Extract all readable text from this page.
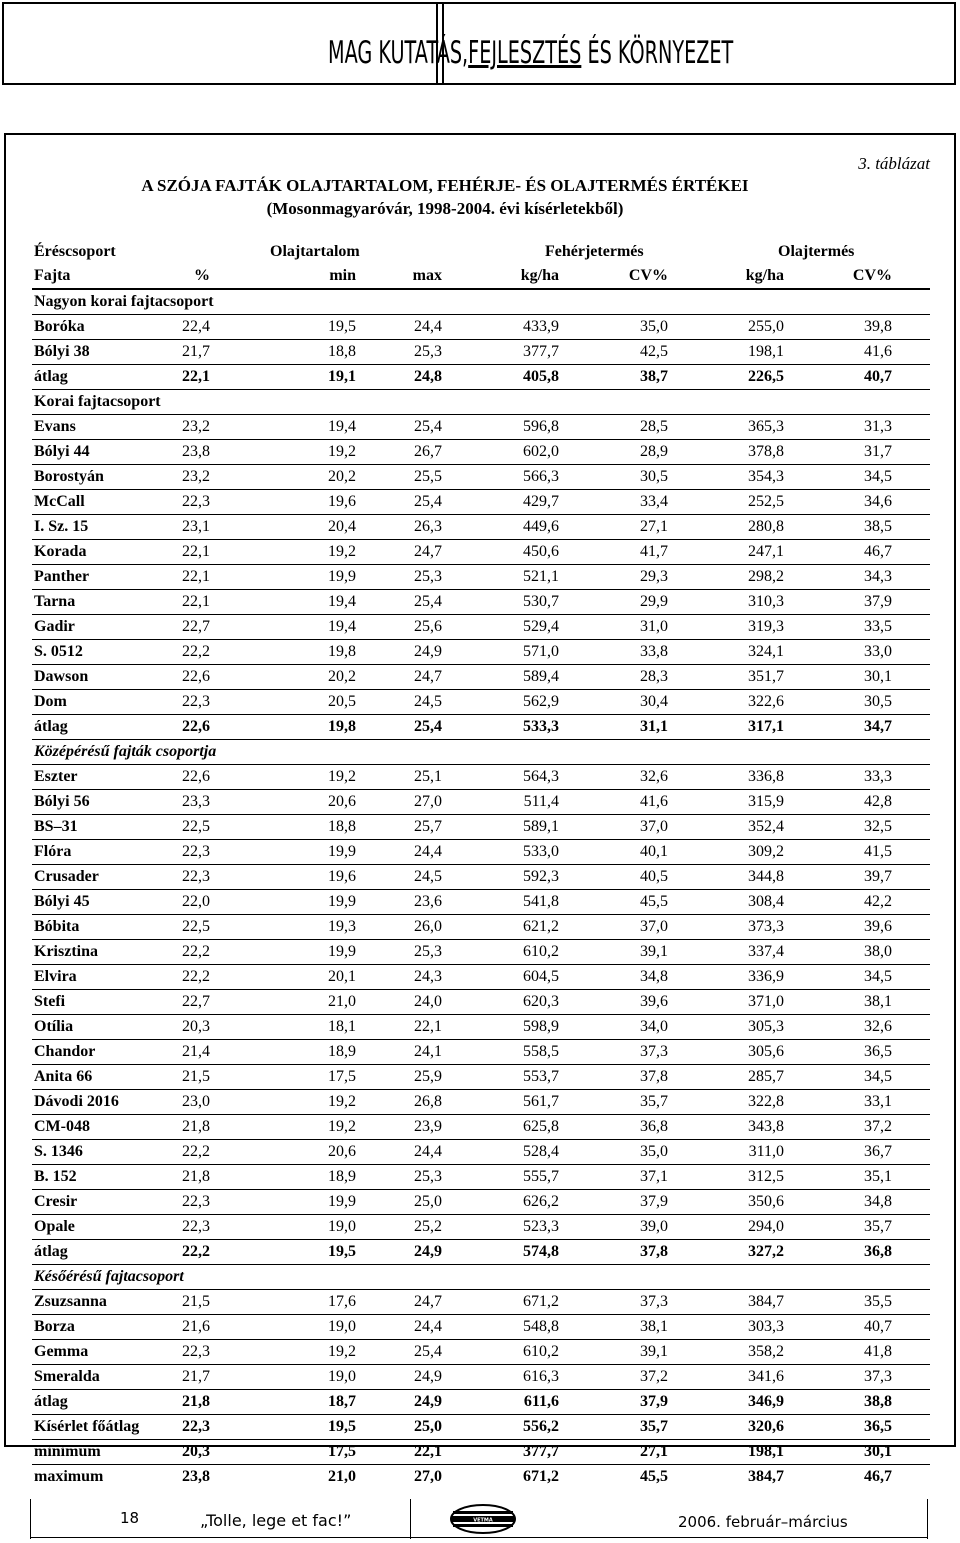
MAG KUTATÁS,FEJLESZTÉS ÉS KÖRNYEZET
3. táblázat
A SZÓJA FAJTÁK OLAJTARTALOM, FEHÉRJE- ÉS OLAJTERMÉS ÉRTÉKEI
(Mosonmagyaróvár, 1998-2004. évi kísérletekből)
Éréscsoport	Olajtartalom	Fehérjetermés	Olajtermés
Fajta	%	min	max	kg/ha	CV%	kg/ha	CV%
Nagyon korai fajtacsoport
Boróka	22,4	19,5	24,4	433,9	35,0	255,0	39,8
Bólyi 38	21,7	18,8	25,3	377,7	42,5	198,1	41,6
átlag	22,1	19,1	24,8	405,8	38,7	226,5	40,7
Korai fajtacsoport
Evans	23,2	19,4	25,4	596,8	28,5	365,3	31,3
Bólyi 44	23,8	19,2	26,7	602,0	28,9	378,8	31,7
Borostyán	23,2	20,2	25,5	566,3	30,5	354,3	34,5
McCall	22,3	19,6	25,4	429,7	33,4	252,5	34,6
I. Sz. 15	23,1	20,4	26,3	449,6	27,1	280,8	38,5
Korada	22,1	19,2	24,7	450,6	41,7	247,1	46,7
Panther	22,1	19,9	25,3	521,1	29,3	298,2	34,3
Tarna	22,1	19,4	25,4	530,7	29,9	310,3	37,9
Gadir	22,7	19,4	25,6	529,4	31,0	319,3	33,5
S. 0512	22,2	19,8	24,9	571,0	33,8	324,1	33,0
Dawson	22,6	20,2	24,7	589,4	28,3	351,7	30,1
Dom	22,3	20,5	24,5	562,9	30,4	322,6	30,5
átlag	22,6	19,8	25,4	533,3	31,1	317,1	34,7
Középérésű fajták csoportja
Eszter	22,6	19,2	25,1	564,3	32,6	336,8	33,3
Bólyi 56	23,3	20,6	27,0	511,4	41,6	315,9	42,8
BS–31	22,5	18,8	25,7	589,1	37,0	352,4	32,5
Flóra	22,3	19,9	24,4	533,0	40,1	309,2	41,5
Crusader	22,3	19,6	24,5	592,3	40,5	344,8	39,7
Bólyi 45	22,0	19,9	23,6	541,8	45,5	308,4	42,2
Bóbita	22,5	19,3	26,0	621,2	37,0	373,3	39,6
Krisztina	22,2	19,9	25,3	610,2	39,1	337,4	38,0
Elvira	22,2	20,1	24,3	604,5	34,8	336,9	34,5
Stefi	22,7	21,0	24,0	620,3	39,6	371,0	38,1
Otília	20,3	18,1	22,1	598,9	34,0	305,3	32,6
Chandor	21,4	18,9	24,1	558,5	37,3	305,6	36,5
Anita 66	21,5	17,5	25,9	553,7	37,8	285,7	34,5
Dávodi 2016	23,0	19,2	26,8	561,7	35,7	322,8	33,1
CM-048	21,8	19,2	23,9	625,8	36,8	343,8	37,2
S. 1346	22,2	20,6	24,4	528,4	35,0	311,0	36,7
B. 152	21,8	18,9	25,3	555,7	37,1	312,5	35,1
Cresir	22,3	19,9	25,0	626,2	37,9	350,6	34,8
Opale	22,3	19,0	25,2	523,3	39,0	294,0	35,7
átlag	22,2	19,5	24,9	574,8	37,8	327,2	36,8
Későérésű fajtacsoport
Zsuzsanna	21,5	17,6	24,7	671,2	37,3	384,7	35,5
Borza	21,6	19,0	24,4	548,8	38,1	303,3	40,7
Gemma	22,3	19,2	25,4	610,2	39,1	358,2	41,8
Smeralda	21,7	19,0	24,9	616,3	37,2	341,6	37,3
átlag	21,8	18,7	24,9	611,6	37,9	346,9	38,8
Kísérlet főátlag	22,3	19,5	25,0	556,2	35,7	320,6	36,5
minimum	20,3	17,5	22,1	377,7	27,1	198,1	30,1
maximum	23,8	21,0	27,0	671,2	45,5	384,7	46,7
18	„Tolle, lege et fac!”	VETMA	2006. február–március
